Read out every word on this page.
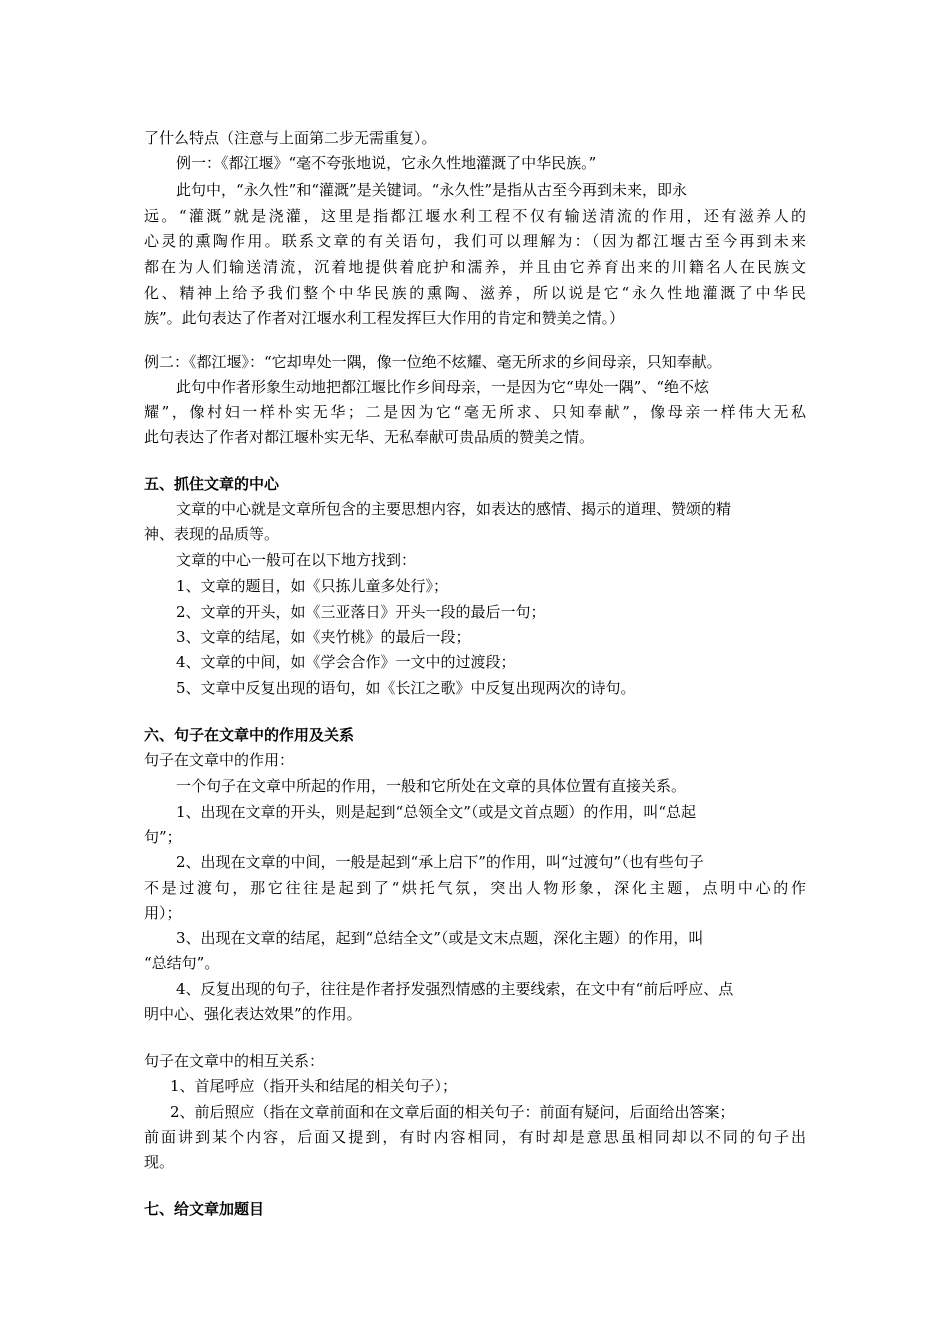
了什么特点（注意与上面第二步无需重复）。
例一：《都江堰》“毫不夸张地说，它永久性地灌溉了中华民族。”
此句中，“永久性”和“灌溉”是关键词。“永久性”是指从古至今再到未来，即永
远。“灌溉”就是浇灌，这里是指都江堰水利工程不仅有输送清流的作用，还有滋养人的
心灵的熏陶作用。联系文章的有关语句，我们可以理解为：（因为都江堰古至今再到未来
都在为人们输送清流，沉着地提供着庇护和濡养，并且由它养育出来的川籍名人在民族文
化、精神上给予我们整个中华民族的熏陶、滋养，所以说是它“永久性地灌溉了中华民
族”。此句表达了作者对江堰水利工程发挥巨大作用的肯定和赞美之情。）
例二：《都江堰》：“它却卑处一隅，像一位绝不炫耀、毫无所求的乡间母亲，只知奉献。
此句中作者形象生动地把都江堰比作乡间母亲，一是因为它“卑处一隅”、“绝不炫
耀”，像村妇一样朴实无华；二是因为它“毫无所求、只知奉献”，像母亲一样伟大无私
此句表达了作者对都江堰朴实无华、无私奉献可贵品质的赞美之情。
五、抓住文章的中心
文章的中心就是文章所包含的主要思想内容，如表达的感情、揭示的道理、赞颂的精
神、表现的品质等。
文章的中心一般可在以下地方找到：
1、文章的题目，如《只拣儿童多处行》；
2、文章的开头，如《三亚落日》开头一段的最后一句；
3、文章的结尾，如《夹竹桃》的最后一段；
4、文章的中间，如《学会合作》一文中的过渡段；
5、文章中反复出现的语句，如《长江之歌》中反复出现两次的诗句。
六、句子在文章中的作用及关系
句子在文章中的作用：
一个句子在文章中所起的作用，一般和它所处在文章的具体位置有直接关系。
1、出现在文章的开头，则是起到“总领全文”（或是文首点题）的作用，叫“总起
句”；
2、出现在文章的中间，一般是起到“承上启下”的作用，叫“过渡句”（也有些句子
不是过渡句，那它往往是起到了“烘托气氛，突出人物形象，深化主题，点明中心的作
用）；
3、出现在文章的结尾，起到“总结全文”（或是文末点题，深化主题）的作用，叫
“总结句”。
4、反复出现的句子，往往是作者抒发强烈情感的主要线索，在文中有“前后呼应、点
明中心、强化表达效果”的作用。
句子在文章中的相互关系：
1、首尾呼应（指开头和结尾的相关句子）；
2、前后照应（指在文章前面和在文章后面的相关句子：前面有疑问，后面给出答案；
前面讲到某个内容，后面又提到，有时内容相同，有时却是意思虽相同却以不同的句子出
现。
七、给文章加题目
